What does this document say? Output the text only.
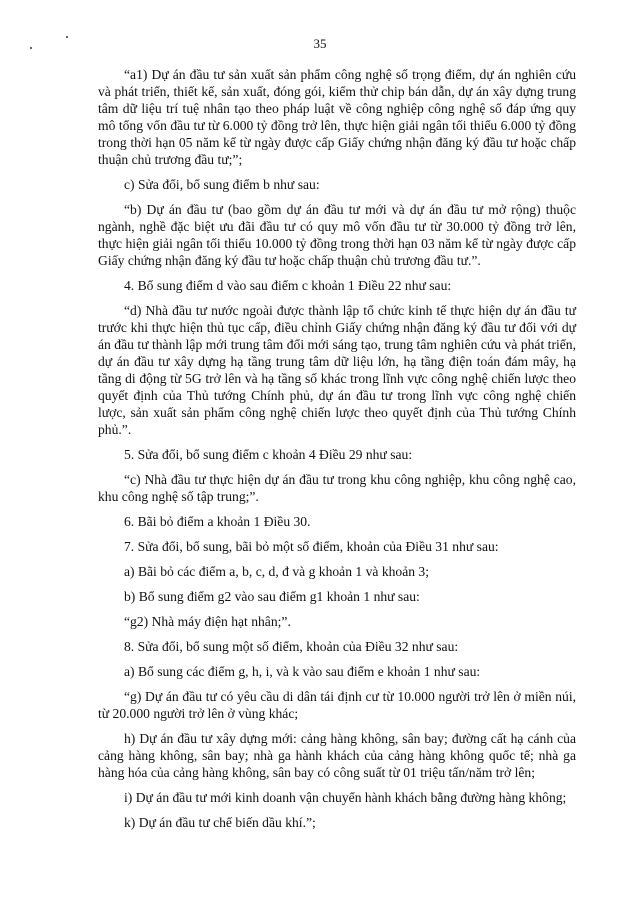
35

“a1) Dự án đầu tư sản xuất sản phẩm công nghệ số trọng điểm, dự án nghiên cứu và phát triển, thiết kế, sản xuất, đóng gói, kiểm thử chip bán dẫn, dự án xây dựng trung tâm dữ liệu trí tuệ nhân tạo theo pháp luật về công nghiệp công nghệ số đáp ứng quy mô tổng vốn đầu tư từ 6.000 tỷ đồng trở lên, thực hiện giải ngân tối thiểu 6.000 tỷ đồng trong thời hạn 05 năm kể từ ngày được cấp Giấy chứng nhận đăng ký đầu tư hoặc chấp thuận chủ trương đầu tư;”;

c) Sửa đổi, bổ sung điểm b như sau:

“b) Dự án đầu tư (bao gồm dự án đầu tư mới và dự án đầu tư mở rộng) thuộc ngành, nghề đặc biệt ưu đãi đầu tư có quy mô vốn đầu tư từ 30.000 tỷ đồng trở lên, thực hiện giải ngân tối thiểu 10.000 tỷ đồng trong thời hạn 03 năm kể từ ngày được cấp Giấy chứng nhận đăng ký đầu tư hoặc chấp thuận chủ trương đầu tư.”.

4. Bổ sung điểm d vào sau điểm c khoản 1 Điều 22 như sau:

“d) Nhà đầu tư nước ngoài được thành lập tổ chức kinh tế thực hiện dự án đầu tư trước khi thực hiện thủ tục cấp, điều chỉnh Giấy chứng nhận đăng ký đầu tư đối với dự án đầu tư thành lập mới trung tâm đổi mới sáng tạo, trung tâm nghiên cứu và phát triển, dự án đầu tư xây dựng hạ tầng trung tâm dữ liệu lớn, hạ tầng điện toán đám mây, hạ tầng di động từ 5G trở lên và hạ tầng số khác trong lĩnh vực công nghệ chiến lược theo quyết định của Thủ tướng Chính phủ, dự án đầu tư trong lĩnh vực công nghệ chiến lược, sản xuất sản phẩm công nghệ chiến lược theo quyết định của Thủ tướng Chính phủ.”.

5. Sửa đổi, bổ sung điểm c khoản 4 Điều 29 như sau:

“c) Nhà đầu tư thực hiện dự án đầu tư trong khu công nghiệp, khu công nghệ cao, khu công nghệ số tập trung;”.

6. Bãi bỏ điểm a khoản 1 Điều 30.

7. Sửa đổi, bổ sung, bãi bỏ một số điểm, khoản của Điều 31 như sau:

a) Bãi bỏ các điểm a, b, c, d, đ và g khoản 1 và khoản 3;

b) Bổ sung điểm g2 vào sau điểm g1 khoản 1 như sau:

“g2) Nhà máy điện hạt nhân;”.

8. Sửa đổi, bổ sung một số điểm, khoản của Điều 32 như sau:

a) Bổ sung các điểm g, h, i, và k vào sau điểm e khoản 1 như sau:

“g) Dự án đầu tư có yêu cầu di dân tái định cư từ 10.000 người trở lên ở miền núi, từ 20.000 người trở lên ở vùng khác;

h) Dự án đầu tư xây dựng mới: cảng hàng không, sân bay; đường cất hạ cánh của cảng hàng không, sân bay; nhà ga hành khách của cảng hàng không quốc tế; nhà ga hàng hóa của cảng hàng không, sân bay có công suất từ 01 triệu tấn/năm trở lên;

i) Dự án đầu tư mới kinh doanh vận chuyển hành khách bằng đường hàng không;

k) Dự án đầu tư chế biến dầu khí.”;
